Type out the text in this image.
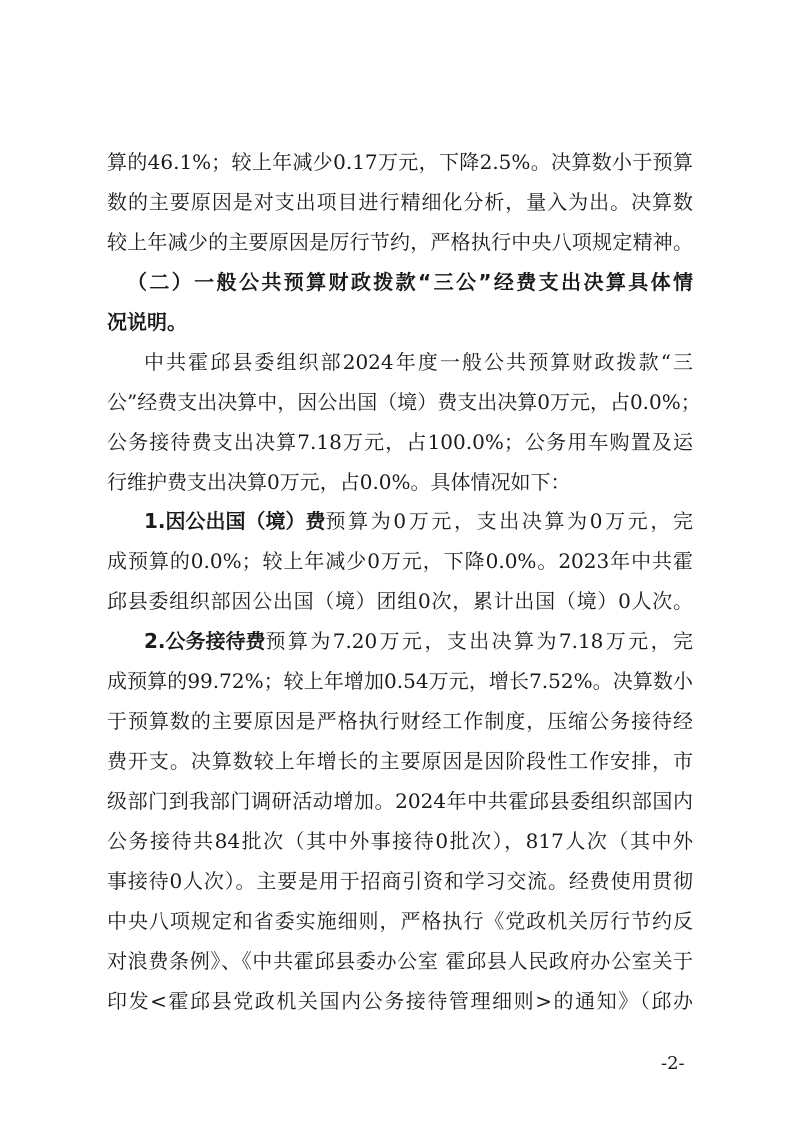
算的46.1%；较上年减少0.17万元，下降2.5%。决算数小于预算
数的主要原因是对支出项目进行精细化分析，量入为出。决算数
较上年减少的主要原因是厉行节约，严格执行中央八项规定精神。
（二）一般公共预算财政拨款“三公”经费支出决算具体情
况说明。
中共霍邱县委组织部2024年度一般公共预算财政拨款“三
公”经费支出决算中，因公出国（境）费支出决算0万元，占0.0%；
公务接待费支出决算7.18万元，占100.0%；公务用车购置及运
行维护费支出决算0万元，占0.0%。具体情况如下：
1.因公出国（境）费 预算为0万元，支出决算为0万元，完
成预算的0.0%；较上年减少0万元，下降0.0%。2023年中共霍
邱县委组织部因公出国（境）团组0次，累计出国（境）0人次。
2.公务接待费 预算为7.20万元，支出决算为7.18万元，完
成预算的99.72%；较上年增加0.54万元，增长7.52%。决算数小
于预算数的主要原因是严格执行财经工作制度，压缩公务接待经
费开支。决算数较上年增长的主要原因是因阶段性工作安排，市
级部门到我部门调研活动增加。2024年中共霍邱县委组织部国内
公务接待共84批次（其中外事接待0批次），817人次（其中外
事接待0人次）。主要是用于招商引资和学习交流。经费使用贯彻
中央八项规定和省委实施细则，严格执行《党政机关厉行节约反
对浪费条例》、《中共霍邱县委办公室 霍邱县人民政府办公室关于
印发<霍邱县党政机关国内公务接待管理细则>的通知》（邱办
-2-
